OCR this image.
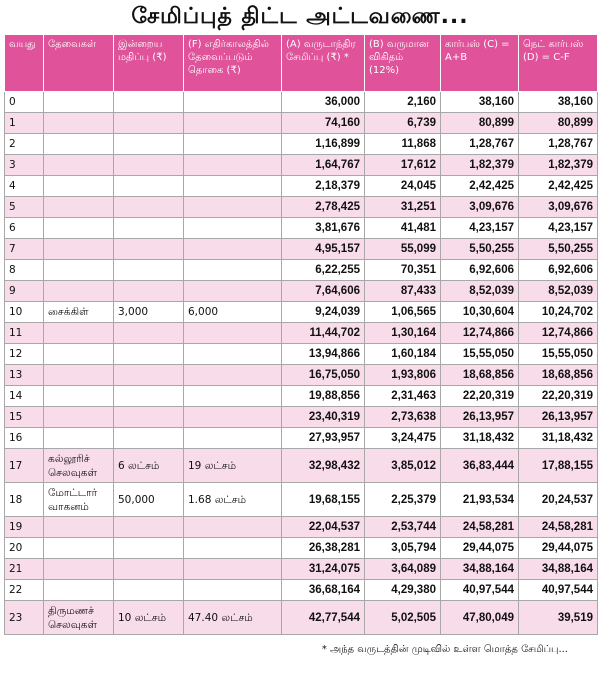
சேமிப்புத் திட்ட அட்டவணை...
வயது	தேவைகள்	இன்றைய மதிப்பு (₹)	(F) எதிர்காலத்தில் தேவைப்படும் தொகை (₹)	(A) வருடாந்திர சேமிப்பு (₹) *	(B) வருமான விகிதம் (12%)	கார்பஸ் (C) = A+B	நெட் கார்பஸ் (D) = C-F
0				36,000	2,160	38,160	38,160
1				74,160	6,739	80,899	80,899
2				1,16,899	11,868	1,28,767	1,28,767
3				1,64,767	17,612	1,82,379	1,82,379
4				2,18,379	24,045	2,42,425	2,42,425
5				2,78,425	31,251	3,09,676	3,09,676
6				3,81,676	41,481	4,23,157	4,23,157
7				4,95,157	55,099	5,50,255	5,50,255
8				6,22,255	70,351	6,92,606	6,92,606
9				7,64,606	87,433	8,52,039	8,52,039
10	சைக்கிள்	3,000	6,000	9,24,039	1,06,565	10,30,604	10,24,702
11				11,44,702	1,30,164	12,74,866	12,74,866
12				13,94,866	1,60,184	15,55,050	15,55,050
13				16,75,050	1,93,806	18,68,856	18,68,856
14				19,88,856	2,31,463	22,20,319	22,20,319
15				23,40,319	2,73,638	26,13,957	26,13,957
16				27,93,957	3,24,475	31,18,432	31,18,432
17	கல்லூரிச் செலவுகள்	6 லட்சம்	19 லட்சம்	32,98,432	3,85,012	36,83,444	17,88,155
18	மோட்டார் வாகனம்	50,000	1.68 லட்சம்	19,68,155	2,25,379	21,93,534	20,24,537
19				22,04,537	2,53,744	24,58,281	24,58,281
20				26,38,281	3,05,794	29,44,075	29,44,075
21				31,24,075	3,64,089	34,88,164	34,88,164
22				36,68,164	4,29,380	40,97,544	40,97,544
23	திருமணச் செலவுகள்	10 லட்சம்	47.40 லட்சம்	42,77,544	5,02,505	47,80,049	39,519
* அந்த வருடத்தின் முடிவில் உள்ள மொத்த சேமிப்பு...
